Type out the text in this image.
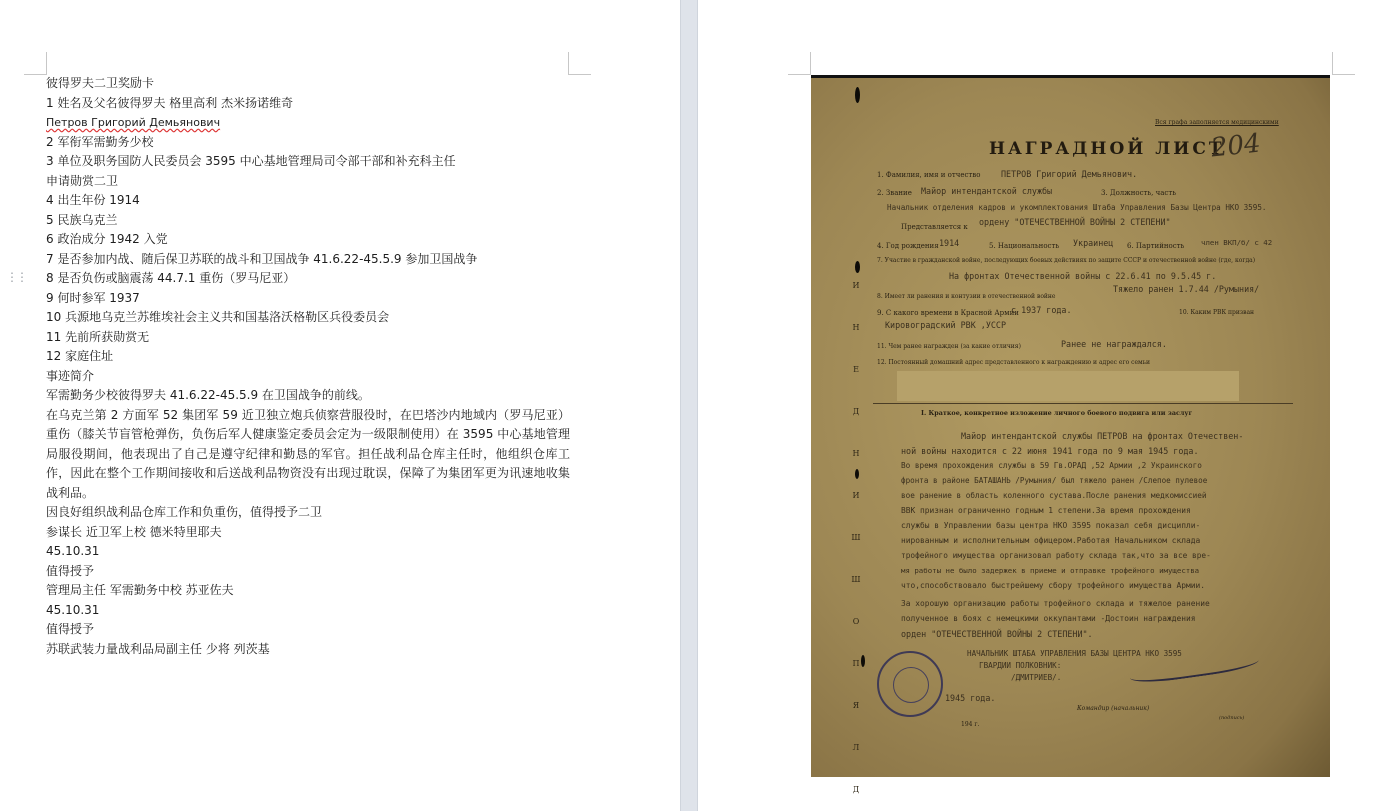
⋮⋮

彼得罗夫二卫奖励卡

1 姓名及父名彼得罗夫 格里高利 杰米扬诺维奇

Петров Григорий Демьянович

2 军衔军需勤务少校

3 单位及职务国防人民委员会 3595 中心基地管理局司令部干部和补充科主任

申请勋赏二卫

4 出生年份 1914

5 民族乌克兰

6 政治成分 1942 入党

7 是否参加内战、随后保卫苏联的战斗和卫国战争 41.6.22-45.5.9 参加卫国战争

8 是否负伤或脑震荡 44.7.1 重伤（罗马尼亚）

9 何时参军 1937

10 兵源地乌克兰苏维埃社会主义共和国基洛沃格勒区兵役委员会

11 先前所获勋赏无

12 家庭住址

事迹简介

军需勤务少校彼得罗夫 41.6.22-45.5.9 在卫国战争的前线。

在乌克兰第 2 方面军 52 集团军 59 近卫独立炮兵侦察营服役时，在巴塔沙内地域内（罗马尼亚）重伤（膝关节盲管枪弹伤，负伤后军人健康鉴定委员会定为一级限制使用）在 3595 中心基地管理局服役期间，他表现出了自己是遵守纪律和勤恳的军官。担任战利品仓库主任时，他组织仓库工作，因此在整个工作期间接收和后送战利品物资没有出现过耽误，保障了为集团军更为讯速地收集战利品。

因良好组织战利品仓库工作和负重伤，值得授予二卫

参谋长 近卫军上校 德米特里耶夫

45.10.31

值得授予

管理局主任 军需勤务中校 苏亚佐夫

45.10.31

值得授予

苏联武装力量战利品局副主任 少将 列茨基

Вся графа заполняется медицинскими
НАГРАДНОЙ ЛИСТ
204
1. Фамилия, имя и отчество ПЕТРОВ Григорий Демьянович.
2. Звание Майор интендантской службы	3. Должность, часть
Начальник отделения кадров и укомплектования Штаба Управления Базы Центра НКО 3595.
Представляется к ордену "ОТЕЧЕСТВЕННОЙ ВОЙНЫ 2 СТЕПЕНИ"
4. Год рождения 1914	5. Национальность Украинец 6. Партийность член ВКП/б/ с 42
7. Участие в гражданской войне, последующих боевых действиях по защите СССР и отечественной войне (где, когда)
На фронтах Отечественной войны с 22.6.41 по 9.5.45 г.
8. Имеет ли ранения и контузии в отечественной войне
Тяжело ранен 1.7.44 /Румыния/
9. С какого времени в Красной Армии
с 1937 года.	10. Каким РВК призван
Кировоградский РВК ,УССР
11. Чем ранее награжден (за какие отличия)	Ранее не награждался.
12. Постоянный домашний адрес представленного к награждению и адрес его семьи
I. Краткое, конкретное изложение личного боевого подвига или заслуг
Майор интендантской службы ПЕТРОВ на фронтах Отечествен-
ной войны находится с 22 июня 1941 года по 9 мая 1945 года.
Во время прохождения службы в 59 Гв.ОРАД ,52 Армии ,2 Украинского
фронта в районе БАТАШАНЬ /Румыния/ был тяжело ранен /Слепое пулевое
вое ранение в область коленного сустава.После ранения медкомиссией
ВВК признан ограниченно годным 1 степени.За время прохождения
службы в Управлении базы центра НКО 3595 показал себя дисципли-
нированным и исполнительным офицером.Работая Начальником склада
трофейного имущества организовал работу склада так,что за все вре-
мя работы не было задержек в приеме и отправке трофейного имущества
что,способствовало быстрейшему сбору трофейного имущества Армии.
За хорошую организацию работы трофейного склада и тяжелое ранение
полученное в боях с немецкими оккупантами -Достоин награждения
орден "ОТЕЧЕСТВЕННОЙ ВОЙНЫ 2 СТЕПЕНИ".
НАЧАЛЬНИК ШТАБА УПРАВЛЕНИЯ БАЗЫ ЦЕНТРА НКО 3595
ГВАРДИИ ПОЛКОВНИК:
/ДМИТРИЕВ/.
1945 года.
Командир (начальник)
(подпись)
194 г.
И
Н
Е
Д
Н
И
Ш
Ш
О
П
Я
Л
Д
